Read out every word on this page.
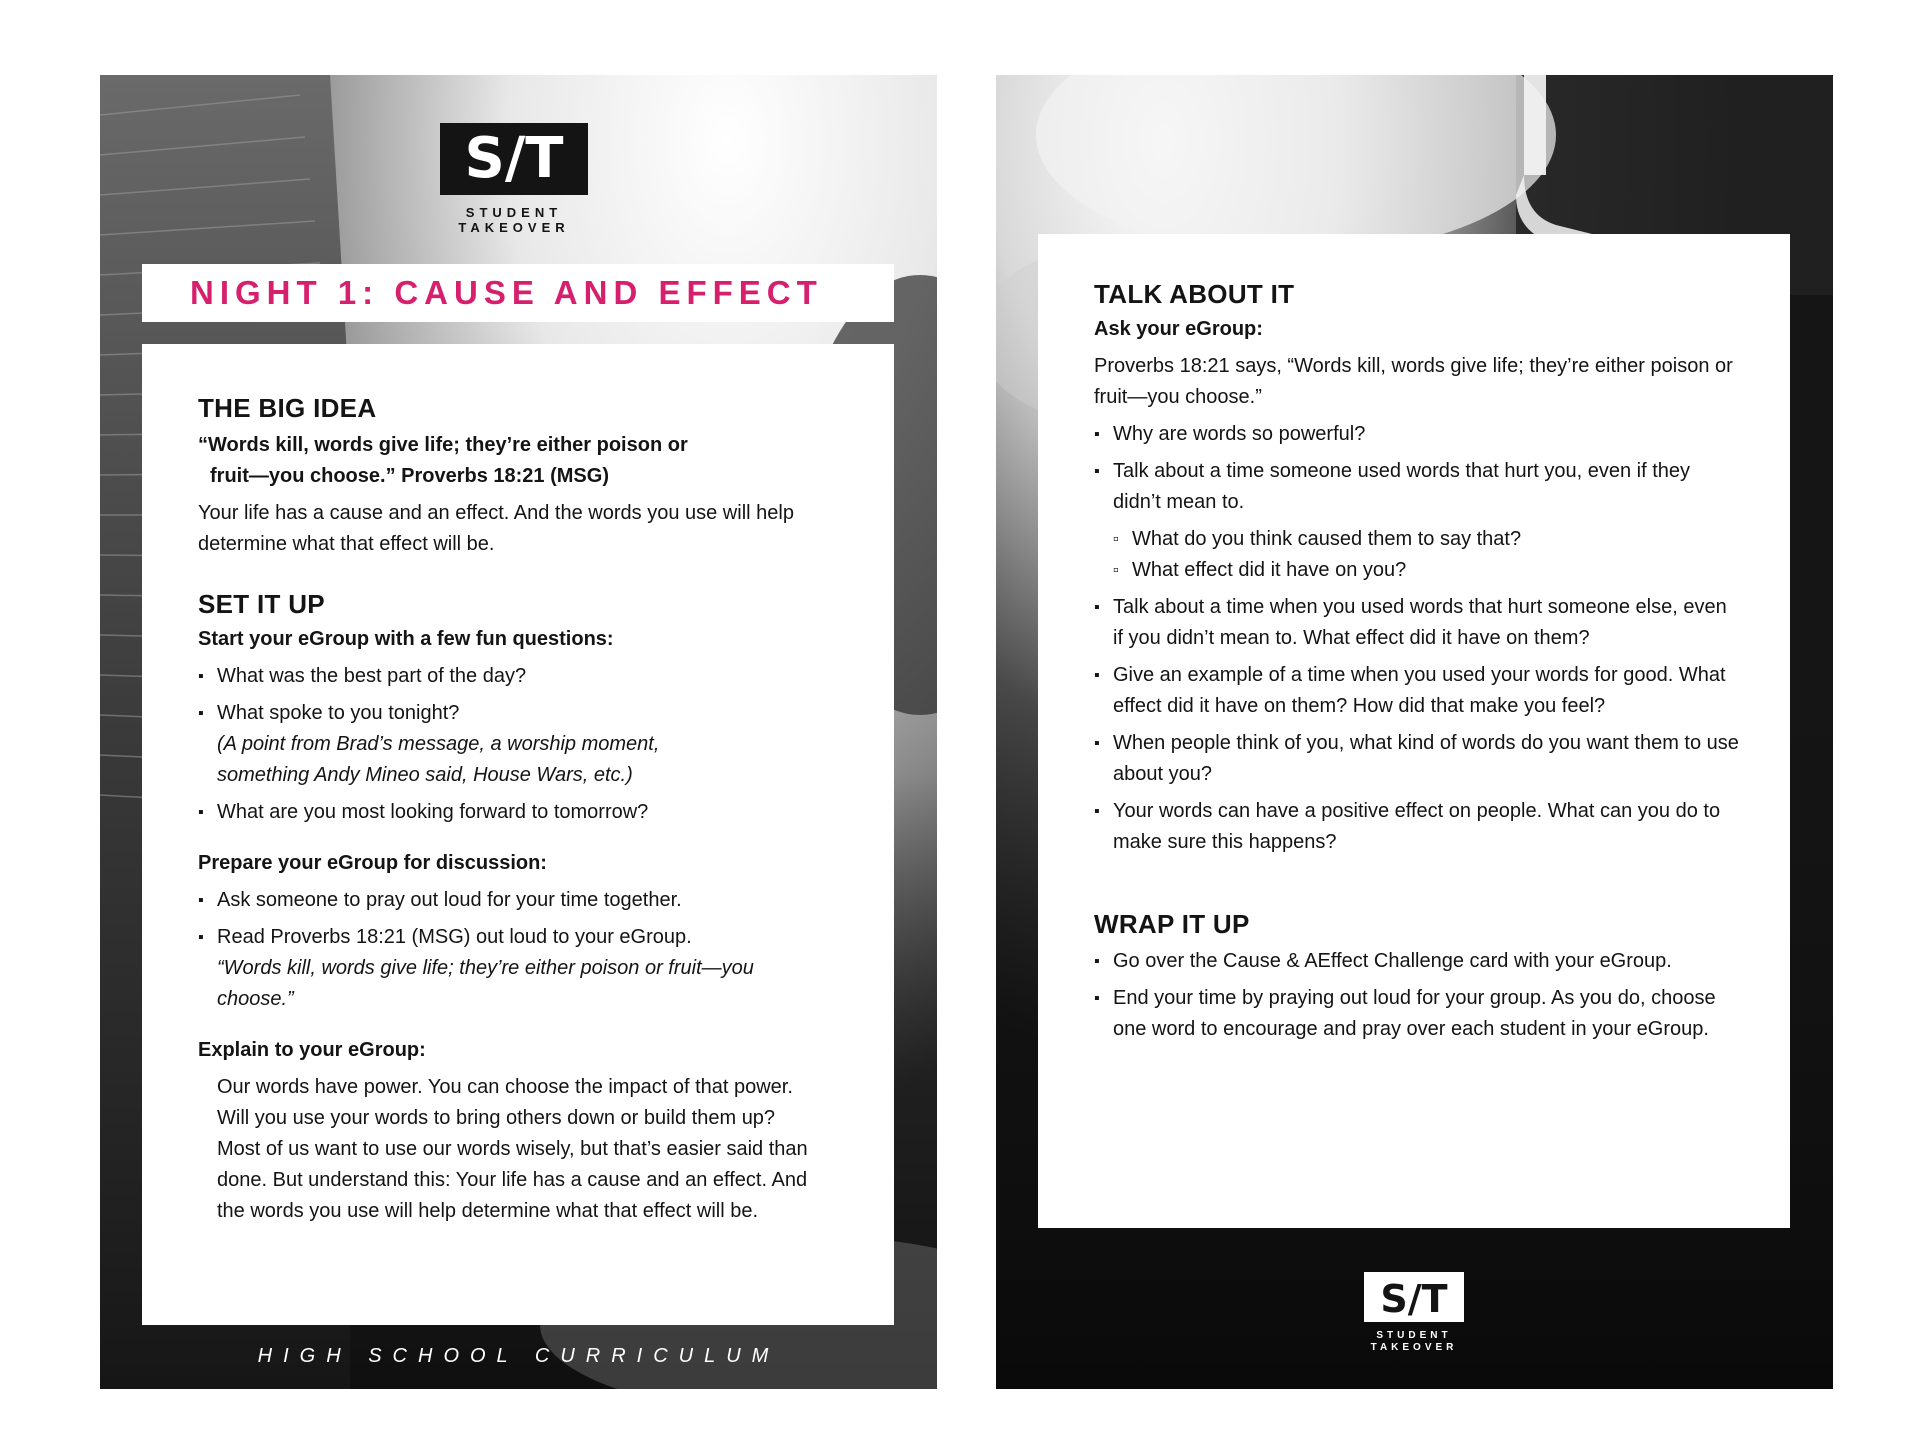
S/T
STUDENT
TAKEOVER
NIGHT 1: CAUSE AND EFFECT
THE BIG IDEA

“Words kill, words give life; they’re either poison or

fruit—you choose.” Proverbs 18:21 (MSG)

Your life has a cause and an effect. And the words you use will help determine what that effect will be.

SET IT UP

Start your eGroup with a few fun questions:

▪ What was the best part of the day?
▪ What spoke to you tonight?
(A point from Brad’s message, a worship moment, something Andy Mineo said, House Wars, etc.)
▪ What are you most looking forward to tomorrow?

Prepare your eGroup for discussion:

▪ Ask someone to pray out loud for your time together.
▪ Read Proverbs 18:21 (MSG) out loud to your eGroup.
“Words kill, words give life; they’re either poison or fruit—you choose.”

Explain to your eGroup:

Our words have power. You can choose the impact of that power. Will you use your words to bring others down or build them up? Most of us want to use our words wisely, but that’s easier said than done. But understand this: Your life has a cause and an effect. And the words you use will help determine what that effect will be.

HIGH SCHOOL CURRICULUM
TALK ABOUT IT

Ask your eGroup:

Proverbs 18:21 says, “Words kill, words give life; they’re either poison or fruit—you choose.”

▪ Why are words so powerful?
▪ Talk about a time someone used words that hurt you, even if they didn’t mean to.
▫ What do you think caused them to say that?
▫ What effect did it have on you?
▪ Talk about a time when you used words that hurt someone else, even if you didn’t mean to. What effect did it have on them?
▪ Give an example of a time when you used your words for good. What effect did it have on them? How did that make you feel?
▪ When people think of you, what kind of words do you want them to use about you?
▪ Your words can have a positive effect on people. What can you do to make sure this happens?
WRAP IT UP
▪ Go over the Cause & AEffect Challenge card with your eGroup.
▪ End your time by praying out loud for your group. As you do, choose one word to encourage and pray over each student in your eGroup.
S/T
STUDENT
TAKEOVER
